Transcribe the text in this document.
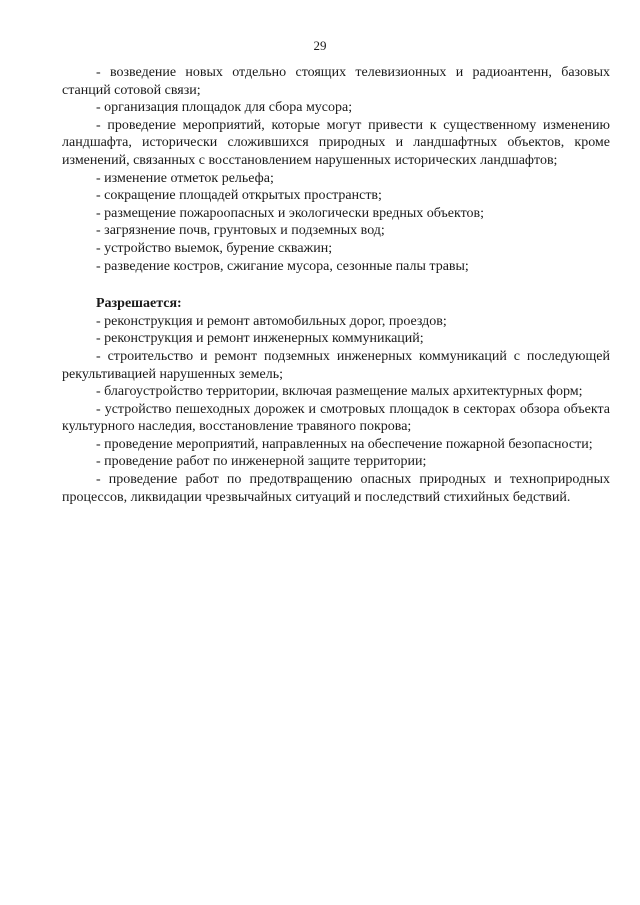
29

- возведение новых отдельно стоящих телевизионных и радиоантенн, базовых станций сотовой связи;

- организация площадок для сбора мусора;

- проведение мероприятий, которые могут привести к существенному изменению ландшафта, исторически сложившихся природных и ландшафтных объектов, кроме изменений, связанных с восстановлением нарушенных исторических ландшафтов;

- изменение отметок рельефа;

- сокращение площадей открытых пространств;

- размещение пожароопасных и экологически вредных объектов;

- загрязнение почв, грунтовых и подземных вод;

- устройство выемок, бурение скважин;

- разведение костров, сжигание мусора, сезонные палы травы;

Разрешается:

- реконструкция и ремонт автомобильных дорог, проездов;

- реконструкция и ремонт инженерных коммуникаций;

- строительство и ремонт подземных инженерных коммуникаций с последующей рекультивацией нарушенных земель;

- благоустройство территории, включая размещение малых архитектурных форм;

- устройство пешеходных дорожек и смотровых площадок в секторах обзора объекта культурного наследия, восстановление травяного покрова;

- проведение мероприятий, направленных на обеспечение пожарной безопасности;

- проведение работ по инженерной защите территории;

- проведение работ по предотвращению опасных природных и технoприродных процессов, ликвидации чрезвычайных ситуаций и последствий стихийных бедствий.
